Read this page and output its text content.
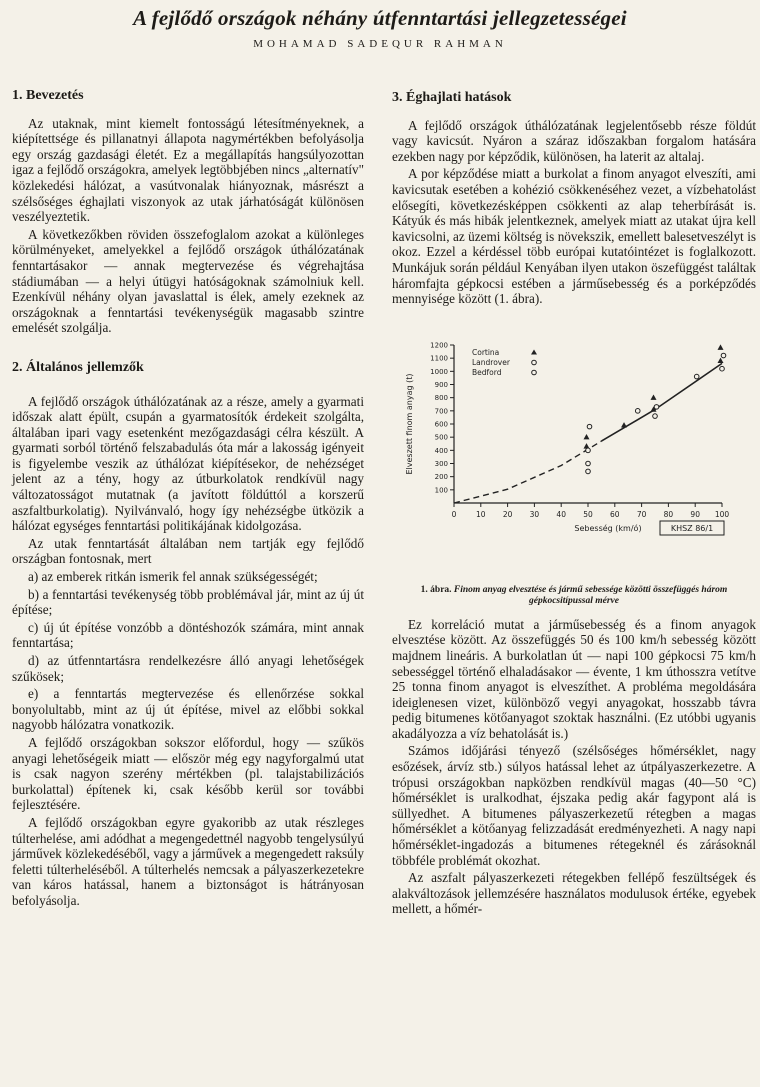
A fejlődő országok néhány útfenntartási jellegzetességei
MOHAMAD SADEQUR RAHMAN
1. Bevezetés

Az utaknak, mint kiemelt fontosságú létesítményeknek, a kiépítettsége és pillanatnyi állapota nagymértékben befolyásolja egy ország gazdasági életét. Ez a megállapítás hangsúlyozottan igaz a fejlődő országokra, amelyek legtöbbjében nincs „alternatív" közlekedési hálózat, a vasútvonalak hiányoznak, másrészt a szélsőséges éghajlati viszonyok az utak járhatóságát különösen veszélyeztetik.

A következőkben röviden összefoglalom azokat a különleges körülményeket, amelyekkel a fejlődő országok úthálózatának fenntartásakor — annak megtervezése és végrehajtása stádiumában — a helyi útügyi hatóságoknak számolniuk kell. Ezenkívül néhány olyan javaslattal is élek, amely ezeknek az országoknak a fenntartási tevékenységük magasabb szintre emelését szolgálja.

2. Általános jellemzők

A fejlődő országok úthálózatának az a része, amely a gyarmati időszak alatt épült, csupán a gyarmatosítók érdekeit szolgálta, általában ipari vagy esetenként mezőgazdasági célra készült. A gyarmati sorból történő felszabadulás óta már a lakosság igényeit is figyelembe veszik az úthálózat kiépítésekor, de nehézséget jelent az a tény, hogy az útburkolatok rendkívül nagy változatosságot mutatnak (a javított földúttól a korszerű aszfaltburkolatig). Nyilvánvaló, hogy így nehézségbe ütközik a hálózat egységes fenntartási politikájának kidolgozása.

Az utak fenntartását általában nem tartják egy fejlődő országban fontosnak, mert

a) az emberek ritkán ismerik fel annak szükségességét;

b) a fenntartási tevékenység több problémával jár, mint az új út építése;

c) új út építése vonzóbb a döntéshozók számára, mint annak fenntartása;

d) az útfenntartásra rendelkezésre álló anyagi lehetőségek szűkösek;

e) a fenntartás megtervezése és ellenőrzése sokkal bonyolultabb, mint az új út építése, mivel az előbbi sokkal nagyobb hálózatra vonatkozik.

A fejlődő országokban sokszor előfordul, hogy — szűkös anyagi lehetőségeik miatt — először még egy nagyforgalmú utat is csak nagyon szerény mértékben (pl. talajstabilizációs burkolattal) építenek ki, csak később kerül sor további fejlesztésére.

A fejlődő országokban egyre gyakoribb az utak részleges túlterhelése, ami adódhat a megengedettnél nagyobb tengelysúlyú járművek közlekedéséből, vagy a járművek a megengedett raksúly feletti túlterheléséből. A túlterhelés nemcsak a pályaszerkezetekre van káros hatással, hanem a biztonságot is hátrányosan befolyásolja.

3. Éghajlati hatások

A fejlődő országok úthálózatának legjelentősebb része földút vagy kavicsút. Nyáron a száraz időszakban forgalom hatására ezekben nagy por képződik, különösen, ha laterit az altalaj.

A por képződése miatt a burkolat a finom anyagot elveszíti, ami kavicsutak esetében a kohézió csökkenéséhez vezet, a vízbehatolást elősegíti, következésképpen csökkenti az alap teherbírását is. Kátyúk és más hibák jelentkeznek, amelyek miatt az utakat újra kell kavicsolni, az üzemi költség is növekszik, emellett balesetveszélyt is okoz. Ezzel a kérdéssel több európai kutatóintézet is foglalkozott. Munkájuk során például Kenyában ilyen utakon öszefüggést találtak háromfajta gépkocsi estében a járműsebesség és a porképződés mennyisége között (1. ábra).

0	10 20 30 40 50 60 70 80 90 100
100
200
300
400
500
600
700
800
900
1000
1100
1200
Sebesség (km/ó)
Elveszett finom anyag (t)
Cortina
Landrover
Bedford
KHSZ 86/1
1. ábra. Finom anyag elvesztése és jármű sebessége közötti összefüggés három gépkocsitípussal mérve

Ez korreláció mutat a járműsebesség és a finom anyagok elvesztése között. Az összefüggés 50 és 100 km/h sebesség között majdnem lineáris. A burkolatlan út — napi 100 gépkocsi 75 km/h sebességgel történő elhaladásakor — évente, 1 km úthosszra vetítve 25 tonna finom anyagot is elveszíthet. A probléma megoldására ideiglenesen vizet, különböző vegyi anyagokat, hosszabb távra pedig bitumenes kötőanyagot szoktak használni. (Ez utóbbi ugyanis akadályozza a víz behatolását is.)

Számos időjárási tényező (szélsőséges hőmérséklet, nagy esőzések, árvíz stb.) súlyos hatással lehet az útpályaszerkezetre. A trópusi országokban napközben rendkívül magas (40—50 °C) hőmérséklet is uralkodhat, éjszaka pedig akár fagypont alá is süllyedhet. A bitumenes pályaszerkezetű rétegben a magas hőmérséklet a kötőanyag felizzadását eredményezheti. A nagy napi hőmérséklet-ingadozás a bitumenes rétegeknél és zárásoknál többféle problémát okozhat.

Az aszfalt pályaszerkezeti rétegekben fellépő feszültségek és alakváltozások jellemzésére használatos modulusok értéke, egyebek mellett, a hőmér-
